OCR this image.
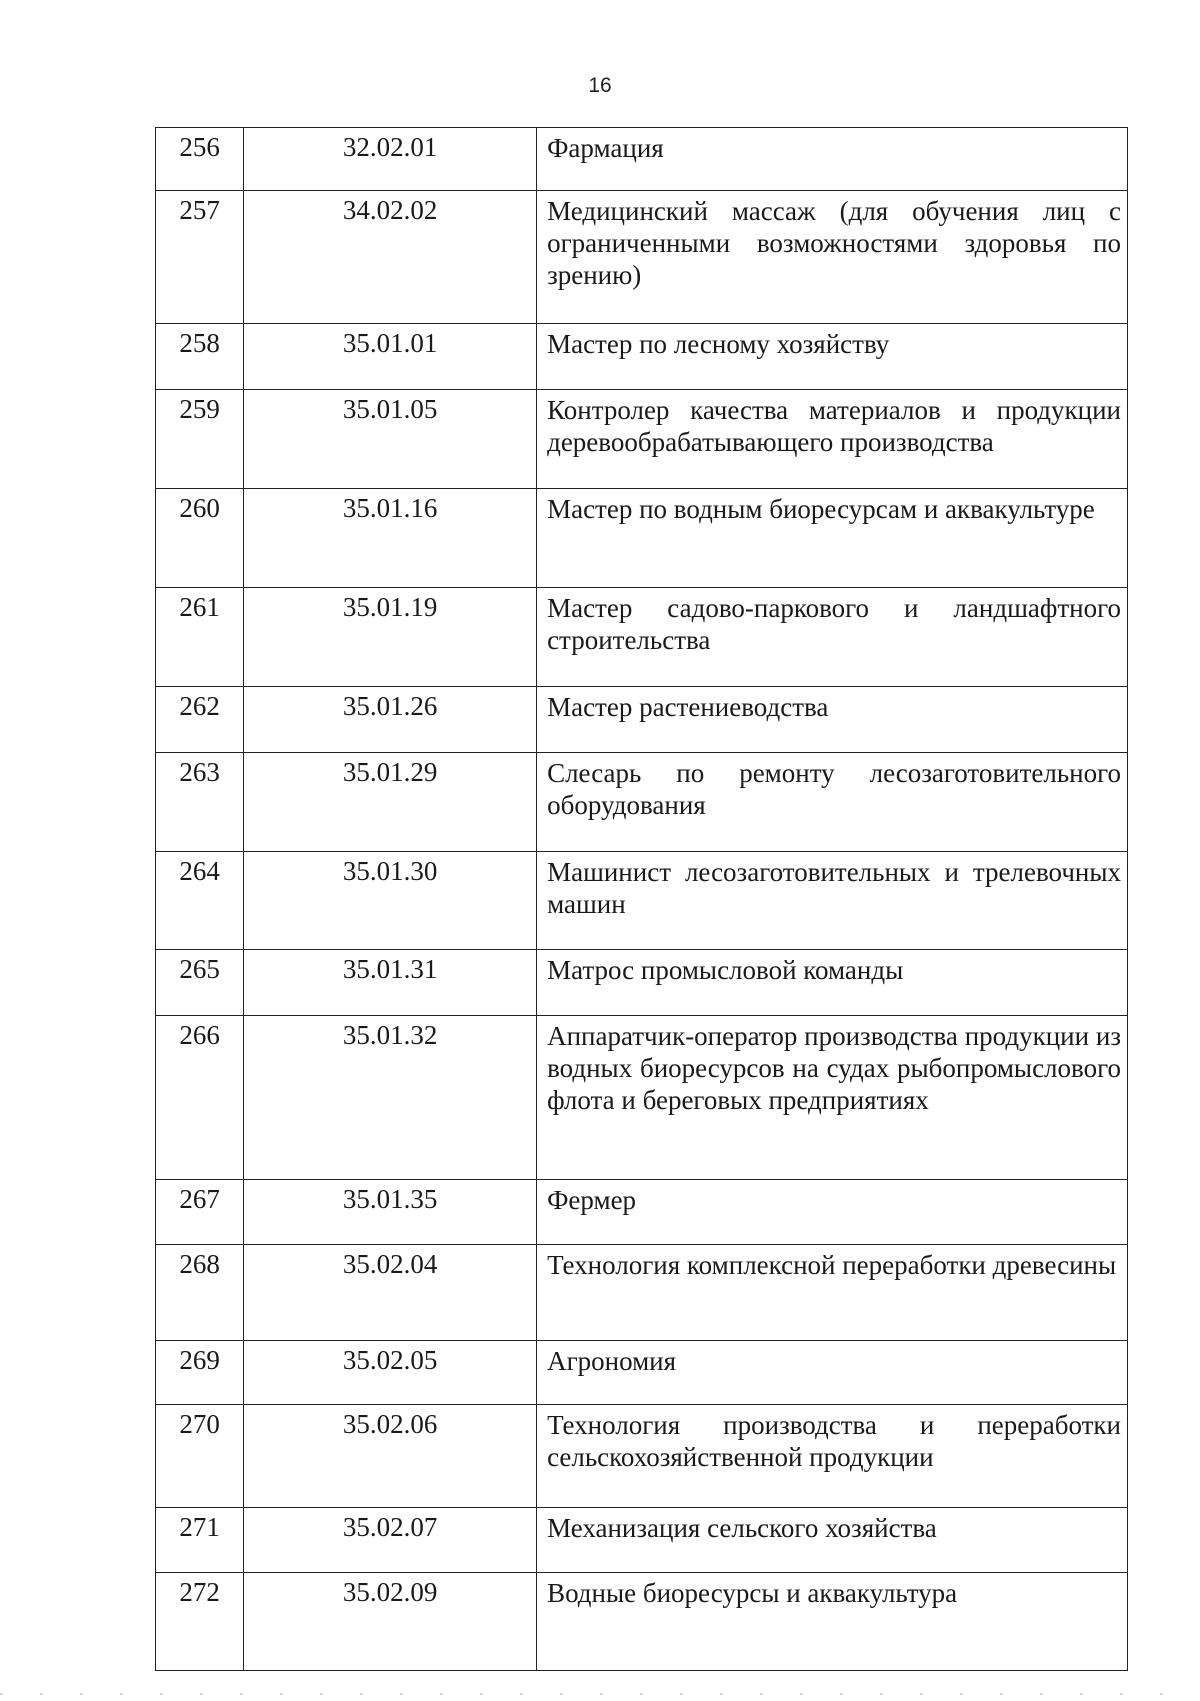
16
256	32.02.01	Фармация
257	34.02.02	Медицинский массаж (для обучения лиц с ограниченными возможностями здоровья по зрению)
258	35.01.01	Мастер по лесному хозяйству
259	35.01.05	Контролер качества материалов и продукции деревообрабатывающего производства
260	35.01.16	Мастер по водным биоресурсам и аквакультуре
261	35.01.19	Мастер садово-паркового и ландшафтного строительства
262	35.01.26	Мастер растениеводства
263	35.01.29	Слесарь по ремонту лесозаготовительного оборудования
264	35.01.30	Машинист лесозаготовительных и трелевочных машин
265	35.01.31	Матрос промысловой команды
266	35.01.32	Аппаратчик-оператор производства продукции из водных биоресурсов на судах рыбопромыслового флота и береговых предприятиях
267	35.01.35	Фермер
268	35.02.04	Технология комплексной переработки древесины
269	35.02.05	Агрономия
270	35.02.06	Технология производства и переработки сельскохозяйственной продукции
271	35.02.07	Механизация сельского хозяйства
272	35.02.09	Водные биоресурсы и аквакультура
